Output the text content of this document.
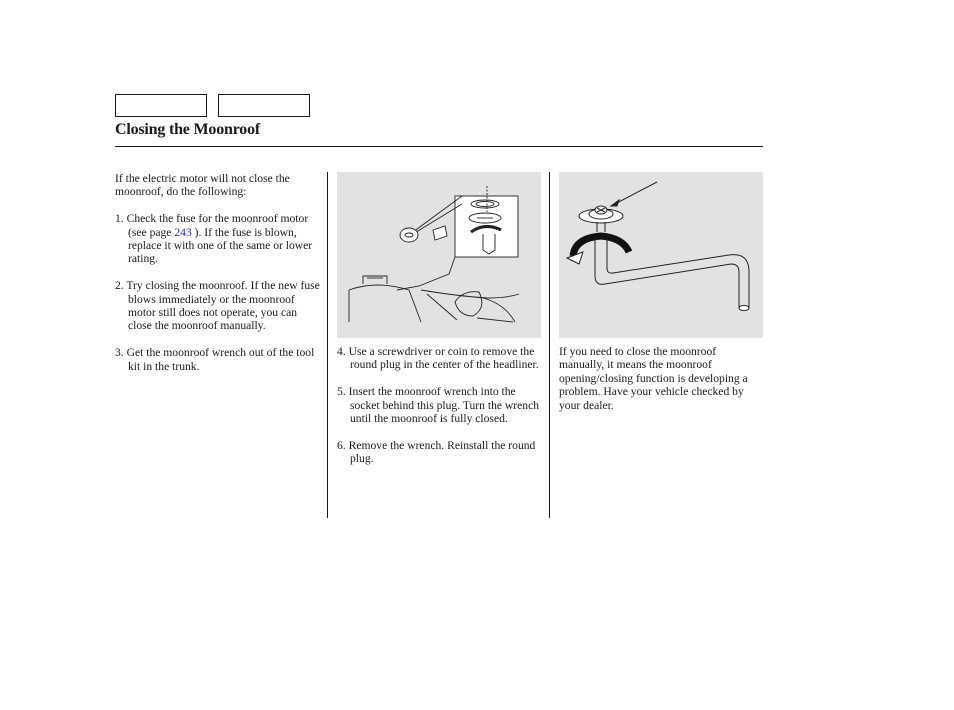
Closing the Moonroof

If the electric motor will not close the moonroof, do the following:

1. Check the fuse for the moonroof motor (see page 243 ). If the fuse is blown, replace it with one of the same or lower rating.

2. Try closing the moonroof. If the new fuse blows immediately or the moonroof motor still does not operate, you can close the moonroof manually.

3. Get the moonroof wrench out of the tool kit in the trunk.

4. Use a screwdriver or coin to remove the round plug in the center of the headliner.

5. Insert the moonroof wrench into the socket behind this plug. Turn the wrench until the moonroof is fully closed.

6. Remove the wrench. Reinstall the round plug.

If you need to close the moonroof manually, it means the moonroof opening/closing function is developing a problem. Have your vehicle checked by your dealer.
